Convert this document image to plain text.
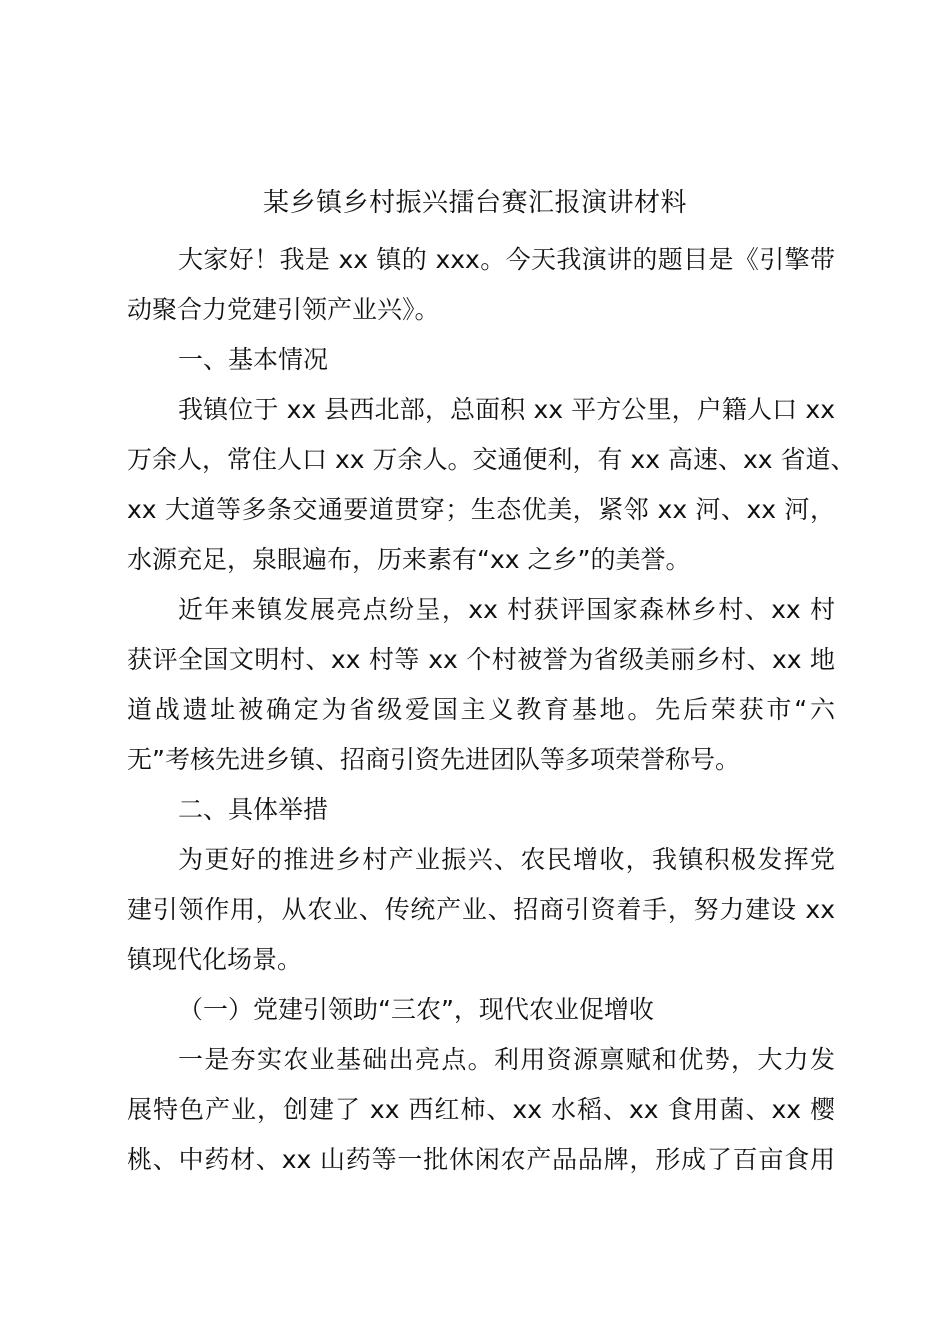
某乡镇乡村振兴擂台赛汇报演讲材料
大家好！我是 xx 镇的 xxx。今天我演讲的题目是《引擎带
动聚合力党建引领产业兴》。
一、基本情况
我镇位于 xx 县西北部，总面积 xx 平方公里，户籍人口 xx
万余人，常住人口 xx 万余人。交通便利，有 xx 高速、xx 省道、
xx 大道等多条交通要道贯穿；生态优美，紧邻 xx 河、xx 河，
水源充足，泉眼遍布，历来素有“xx 之乡”的美誉。
近年来镇发展亮点纷呈，xx 村获评国家森林乡村、xx 村
获评全国文明村、xx 村等 xx 个村被誉为省级美丽乡村、xx 地
道战遗址被确定为省级爱国主义教育基地。先后荣获市“六
无”考核先进乡镇、招商引资先进团队等多项荣誉称号。
二、具体举措
为更好的推进乡村产业振兴、农民增收，我镇积极发挥党
建引领作用，从农业、传统产业、招商引资着手，努力建设 xx
镇现代化场景。
（一）党建引领助“三农”，现代农业促增收
一是夯实农业基础出亮点。利用资源禀赋和优势，大力发
展特色产业，创建了 xx 西红柿、xx 水稻、xx 食用菌、xx 樱
桃、中药材、xx 山药等一批休闲农产品品牌，形成了百亩食用
